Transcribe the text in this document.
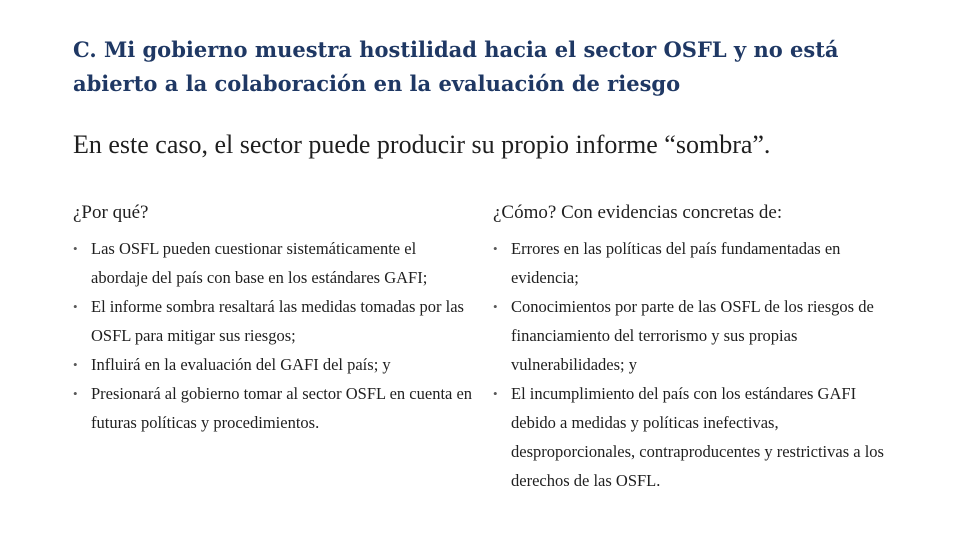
C. Mi gobierno muestra hostilidad hacia el sector OSFL y no está abierto a la colaboración en la evaluación de riesgo

En este caso, el sector puede producir su propio informe “sombra”.

¿Por qué?

• Las OSFL pueden cuestionar sistemáticamente el abordaje del país con base en los estándares GAFI;
• El informe sombra resaltará las medidas tomadas por las OSFL para mitigar sus riesgos;
• Influirá en la evaluación del GAFI del país; y
• Presionará al gobierno tomar al sector OSFL en cuenta en futuras políticas y procedimientos.

¿Cómo? Con evidencias concretas de:

• Errores en las políticas del país fundamentadas en evidencia;
• Conocimientos por parte de las OSFL de los riesgos de financiamiento del terrorismo y sus propias vulnerabilidades; y
• El incumplimiento del país con los estándares GAFI debido a medidas y políticas inefectivas, desproporcionales, contraproducentes y restrictivas a los derechos de las OSFL.
